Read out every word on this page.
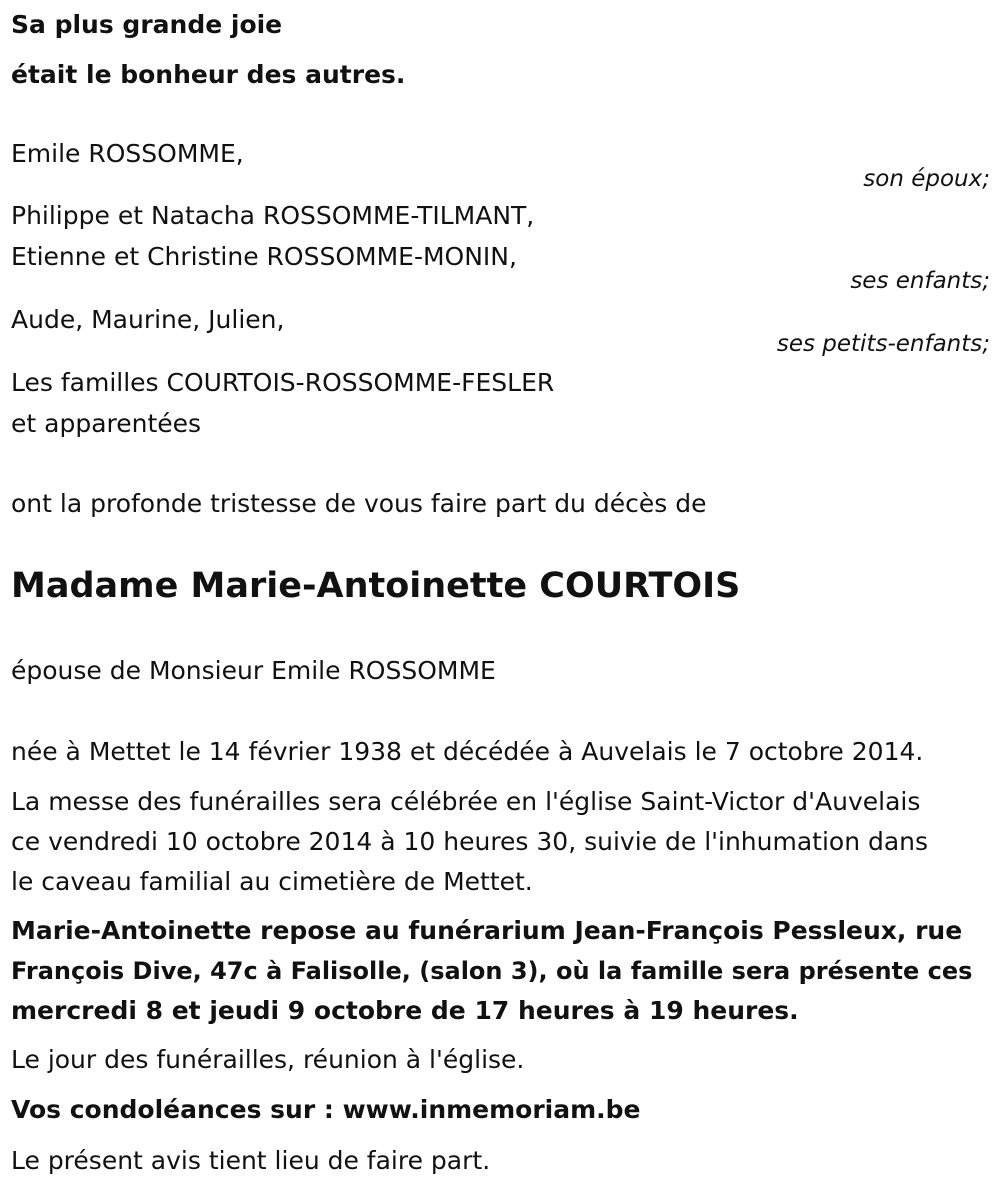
Sa plus grande joie
était le bonheur des autres.
Emile ROSSOMME,
son époux;
Philippe et Natacha ROSSOMME-TILMANT,
Etienne et Christine ROSSOMME-MONIN,
ses enfants;
Aude, Maurine, Julien,
ses petits-enfants;
Les familles COURTOIS-ROSSOMME-FESLER
et apparentées
ont la profonde tristesse de vous faire part du décès de
Madame Marie-Antoinette COURTOIS
épouse de Monsieur Emile ROSSOMME
née à Mettet le 14 février 1938 et décédée à Auvelais le 7 octobre 2014.
La messe des funérailles sera célébrée en l'église Saint-Victor d'Auvelais
ce vendredi 10 octobre 2014 à 10 heures 30, suivie de l'inhumation dans
le caveau familial au cimetière de Mettet.
Marie-Antoinette repose au funérarium Jean-François Pessleux, rue
François Dive, 47c à Falisolle, (salon 3), où la famille sera présente ces
mercredi 8 et jeudi 9 octobre de 17 heures à 19 heures.
Le jour des funérailles, réunion à l'église.
Vos condoléances sur : www.inmemoriam.be
Le présent avis tient lieu de faire part.
